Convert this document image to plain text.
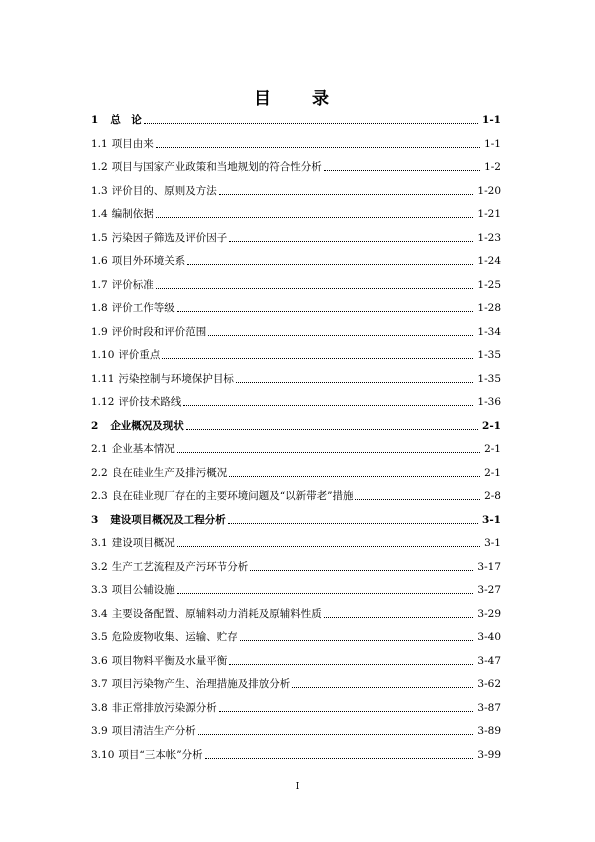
目　录
1	总　论	1-1
1.1 项目由来	1-1
1.2 项目与国家产业政策和当地规划的符合性分析	1-2
1.3 评价目的、原则及方法	1-20
1.4 编制依据	1-21
1.5 污染因子筛选及评价因子	1-23
1.6 项目外环境关系	1-24
1.7 评价标准	1-25
1.8 评价工作等级	1-28
1.9 评价时段和评价范围	1-34
1.10 评价重点	1-35
1.11 污染控制与环境保护目标	1-35
1.12 评价技术路线	1-36
2	企业概况及现状	2-1
2.1 企业基本情况	2-1
2.2 良在硅业生产及排污概况	2-1
2.3 良在硅业现厂存在的主要环境问题及“以新带老”措施	2-8
3	建设项目概况及工程分析	3-1
3.1 建设项目概况	3-1
3.2 生产工艺流程及产污环节分析	3-17
3.3 项目公辅设施	3-27
3.4 主要设备配置、原辅料动力消耗及原辅料性质	3-29
3.5 危险废物收集、运输、贮存	3-40
3.6 项目物料平衡及水量平衡	3-47
3.7 项目污染物产生、治理措施及排放分析	3-62
3.8 非正常排放污染源分析	3-87
3.9 项目清洁生产分析	3-89
3.10 项目“三本帐”分析	3-99
I
